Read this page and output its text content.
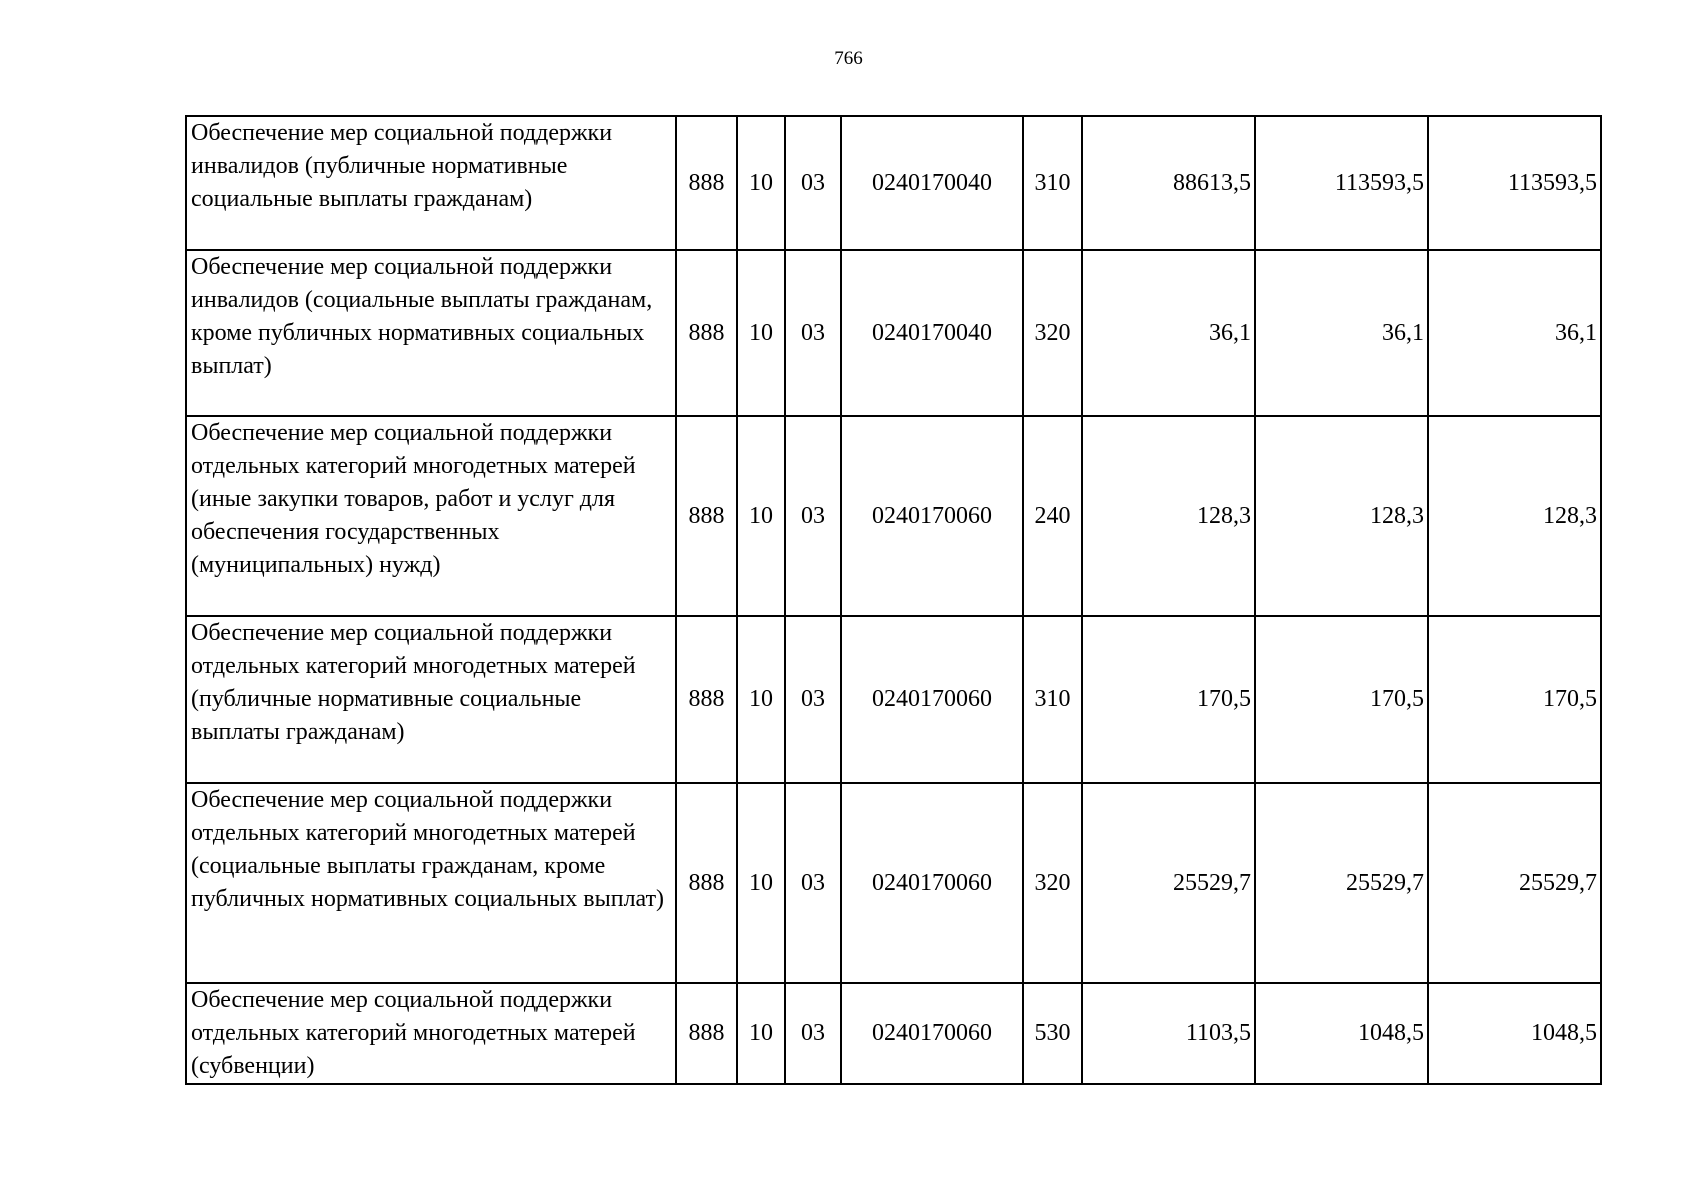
766
Обеспечение мер социальной поддержки инвалидов (публичные нормативные социальные выплаты гражданам)	888	10	03	0240170040	310	88613,5	113593,5	113593,5

Обеспечение мер социальной поддержки инвалидов (социальные выплаты гражданам, кроме публичных нормативных социальных выплат)	888	10	03	0240170040	320	36,1	36,1	36,1

Обеспечение мер социальной поддержки отдельных категорий многодетных матерей (иные закупки товаров, работ и услуг для обеспечения государственных (муниципальных) нужд)	888	10	03	0240170060	240	128,3	128,3	128,3

Обеспечение мер социальной поддержки отдельных категорий многодетных матерей (публичные нормативные социальные выплаты гражданам)	888	10	03	0240170060	310	170,5	170,5	170,5

Обеспечение мер социальной поддержки отдельных категорий многодетных матерей (социальные выплаты гражданам, кроме публичных нормативных социальных выплат)	888	10	03	0240170060	320	25529,7	25529,7	25529,7

Обеспечение мер социальной поддержки отдельных категорий многодетных матерей (субвенции)	888	10	03	0240170060	530	1103,5	1048,5	1048,5
